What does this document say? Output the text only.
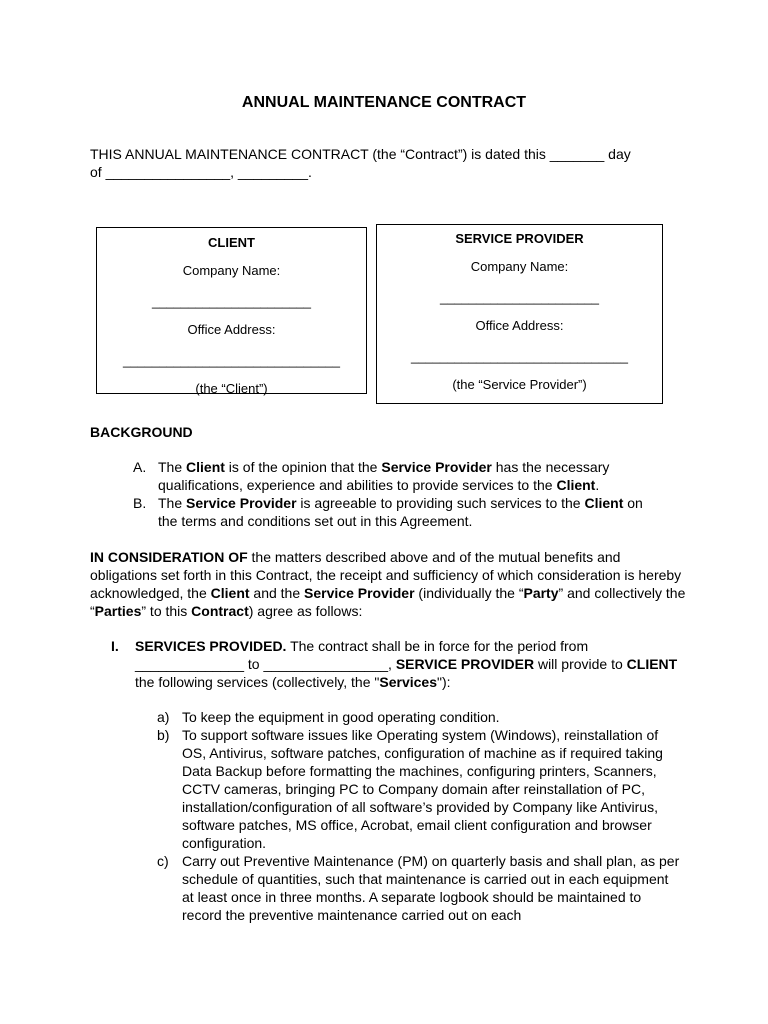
ANNUAL MAINTENANCE CONTRACT
THIS ANNUAL MAINTENANCE CONTRACT (the “Contract”) is dated this _______ day
of ________________, _________.
CLIENT
Company Name:
______________________
Office Address:
______________________________
(the “Client”)
SERVICE PROVIDER
Company Name:
______________________
Office Address:
______________________________
(the “Service Provider”)
BACKGROUND
A. The Client is of the opinion that the Service Provider has the necessary qualifications, experience and abilities to provide services to the Client.
B. The Service Provider is agreeable to providing such services to the Client on the terms and conditions set out in this Agreement.
IN CONSIDERATION OF the matters described above and of the mutual benefits and obligations set forth in this Contract, the receipt and sufficiency of which consideration is hereby acknowledged, the Client and the Service Provider (individually the “Party” and collectively the “Parties” to this Contract) agree as follows:
I. SERVICES PROVIDED. The contract shall be in force for the period from ______________ to ________________, SERVICE PROVIDER will provide to CLIENT the following services (collectively, the "Services"):
a) To keep the equipment in good operating condition.
b) To support software issues like Operating system (Windows), reinstallation of OS, Antivirus, software patches, configuration of machine as if required taking Data Backup before formatting the machines, configuring printers, Scanners, CCTV cameras, bringing PC to Company domain after reinstallation of PC, installation/configuration of all software’s provided by Company like Antivirus, software patches, MS office, Acrobat, email client configuration and browser configuration.
c) Carry out Preventive Maintenance (PM) on quarterly basis and shall plan, as per schedule of quantities, such that maintenance is carried out in each equipment at least once in three months. A separate logbook should be maintained to record the preventive maintenance carried out on each
